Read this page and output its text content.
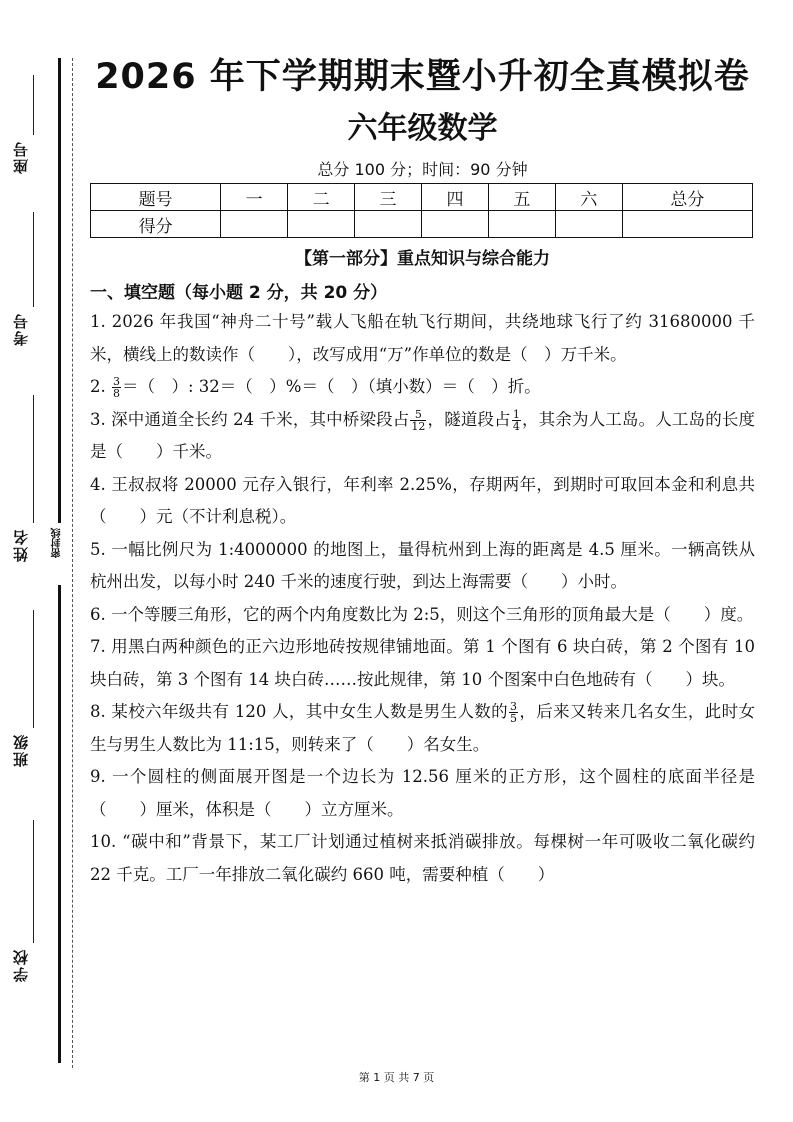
座号
考号
姓名
班级
学校
密封线
2026 年下学期期末暨小升初全真模拟卷
六年级数学
总分 100 分；时间：90 分钟
题号	一	二	三	四	五	六	总分
得分							
【第一部分】重点知识与综合能力
一、填空题（每小题 2 分，共 20 分）

1. 2026 年我国“神舟二十号”载人飞船在轨飞行期间，共绕地球飞行了约 31680000 千米，横线上的数读作（　　），改写成用“万”作单位的数是（　）万千米。

2. $\frac{3}{8}$ ＝（　）: 32＝（　）%＝（　）（填小数）＝（　）折。

3. 深中通道全长约 24 千米，其中桥梁段占 $\frac{5}{12}$ ，隧道段占 $\frac{1}{4}$ ，其余为人工岛。人工岛的长度是（　　）千米。

4. 王叔叔将 20000 元存入银行，年利率 2.25%，存期两年，到期时可取回本金和利息共（　　）元（不计利息税）。

5. 一幅比例尺为 1:4000000 的地图上，量得杭州到上海的距离是 4.5 厘米。一辆高铁从杭州出发，以每小时 240 千米的速度行驶，到达上海需要（　　）小时。

6. 一个等腰三角形，它的两个内角度数比为 2:5，则这个三角形的顶角最大是（　　）度。

7. 用黑白两种颜色的正六边形地砖按规律铺地面。第 1 个图有 6 块白砖，第 2 个图有 10 块白砖，第 3 个图有 14 块白砖……按此规律，第 10 个图案中白色地砖有（　　）块。

8. 某校六年级共有 120 人，其中女生人数是男生人数的 $\frac{3}{5}$ ，后来又转来几名女生，此时女生与男生人数比为 11:15，则转来了（　　）名女生。

9. 一个圆柱的侧面展开图是一个边长为 12.56 厘米的正方形，这个圆柱的底面半径是（　　）厘米，体积是（　　）立方厘米。

10. “碳中和”背景下，某工厂计划通过植树来抵消碳排放。每棵树一年可吸收二氧化碳约 22 千克。工厂一年排放二氧化碳约 660 吨，需要种植（　　）

第 1 页 共 7 页
